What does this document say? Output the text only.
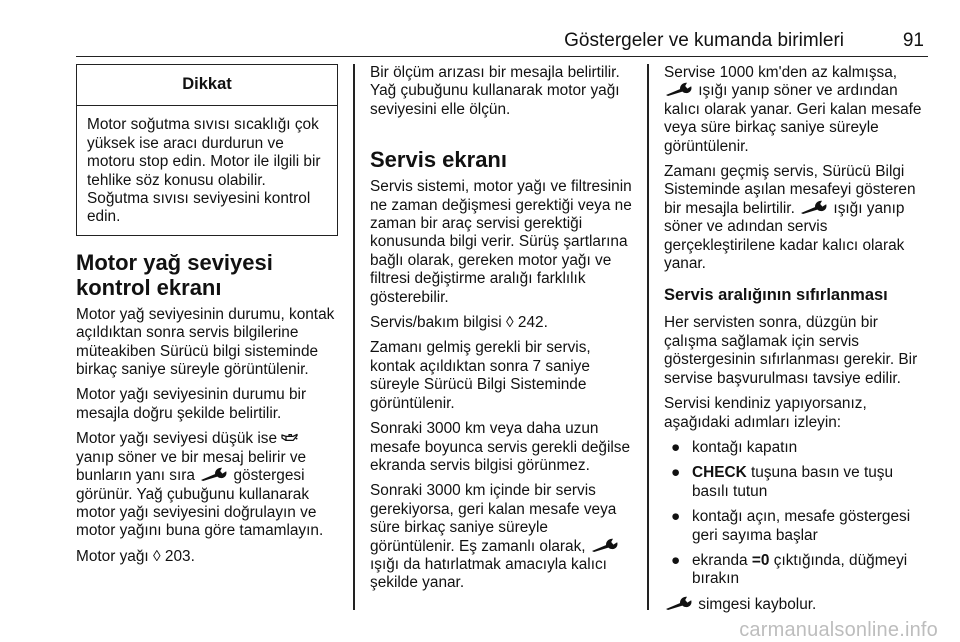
Göstergeler ve kumanda birimleri	91
Dikkat

Motor soğutma sıvısı sıcaklığı çok yüksek ise aracı durdurun ve motoru stop edin. Motor ile ilgili bir tehlike söz konusu olabilir. Soğutma sıvısı seviyesini kontrol edin.

Motor yağ seviyesi kontrol ekranı

Motor yağ seviyesinin durumu, kontak açıldıktan sonra servis bilgilerine müteakiben Sürücü bilgi sisteminde birkaç saniye süreyle görüntülenir.

Motor yağı seviyesinin durumu bir mesajla doğru şekilde belirtilir.

Motor yağı seviyesi düşük ise  yanıp söner ve bir mesaj belirir ve bunların yanı sıra	göstergesi görünür. Yağ çubuğunu kullanarak motor yağı seviyesini doğrulayın ve motor yağını buna göre tamamlayın.

Motor yağı ◊ 203.

Bir ölçüm arızası bir mesajla belirtilir. Yağ çubuğunu kullanarak motor yağı seviyesini elle ölçün.

Servis ekranı

Servis sistemi, motor yağı ve filtresinin ne zaman değişmesi gerektiği veya ne zaman bir araç servisi gerektiği konusunda bilgi verir. Sürüş şartlarına bağlı olarak, gereken motor yağı ve filtresi değiştirme aralığı farklılık gösterebilir.

Servis/bakım bilgisi ◊ 242.

Zamanı gelmiş gerekli bir servis, kontak açıldıktan sonra 7 saniye süreyle Sürücü Bilgi Sisteminde görüntülenir.

Sonraki 3000 km veya daha uzun mesafe boyunca servis gerekli değilse ekranda servis bilgisi görünmez.

Sonraki 3000 km içinde bir servis gerekiyorsa, geri kalan mesafe veya süre birkaç saniye süreyle görüntülenir. Eş zamanlı olarak,  ışığı da hatırlatmak amacıyla kalıcı şekilde yanar.

Servise 1000 km'den az kalmışsa,  ışığı yanıp söner ve ardından kalıcı olarak yanar. Geri kalan mesafe veya süre birkaç saniye süreyle görüntülenir.

Zamanı geçmiş servis, Sürücü Bilgi Sisteminde aşılan mesafeyi gösteren bir mesajla belirtilir.	ışığı yanıp söner ve adından servis gerçekleştirilene kadar kalıcı olarak yanar.

Servis aralığının sıfırlanması

Her servisten sonra, düzgün bir çalışma sağlamak için servis göstergesinin sıfırlanması gerekir. Bir servise başvurulması tavsiye edilir.

Servisi kendiniz yapıyorsanız, aşağıdaki adımları izleyin:

● kontağı kapatın
● CHECK tuşuna basın ve tuşu basılı tutun
● kontağı açın, mesafe göstergesi geri sayıma başlar
● ekranda =0 çıktığında, düğmeyi bırakın

simgesi kaybolur.

carmanualsonline.info
